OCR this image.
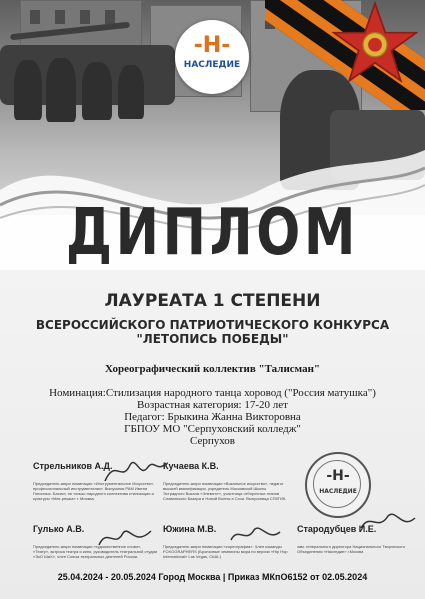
-H-
НАСЛЕДИЕ
ДИПЛОМ
ЛАУРЕАТА 1 СТЕПЕНИ
ВСЕРОССИЙСКОГО ПАТРИОТИЧЕСКОГО КОНКУРСА
"ЛЕТОПИСЬ ПОБЕДЫ"
Хореографический коллектив "Талисман"
Номинация:Стилизация народного танца хоровод ("Россия матушка")
Возрастная категория: 17-20 лет
Педагог: Брыкина Жанна Викторовна
ГБПОУ МО "Серпуховский колледж"
Серпухов
Стрельников А.Д.
Председатель жюри номинации «Инструментальное Искусство», профессиональный инструменталист. Выпускник РАМ Имени Гнесиных. Басист, не только народного коллектива стилизации и культуры «Мат-решка» г. Москва.
Кучаева К.В.
Председатель жюри номинации «Вокальное искусство», педагог высшей квалификации, учредитель Московской Школы Эстрадного Вокала «Элемент», участница отборочных этапов Славянского Базара и Новой Волны в Сочи. Выпускница СПбГИК.
Гулько А.В.
Председатель жюри номинации «художественное слово», «Театр», актриса театра и кино, руководитель театральной студии «ЭкО ШаХ», член Союза театральных деятелей России.
Южина М.В.
Председатель жюри номинации «хореография». Член команды FOXOGRAPHERS (Бронзовые чемпионы мира по версии «Hip Hop International» Las Vegas, США.)
Стародубцев И.Е.
зам. генерального директора Национального Творческого Объединения «Наследие» г.Москва
-H-
НАСЛЕДИЕ
25.04.2024 - 20.05.2024 Город Москва | Приказ МКпО6152 от 02.05.2024
